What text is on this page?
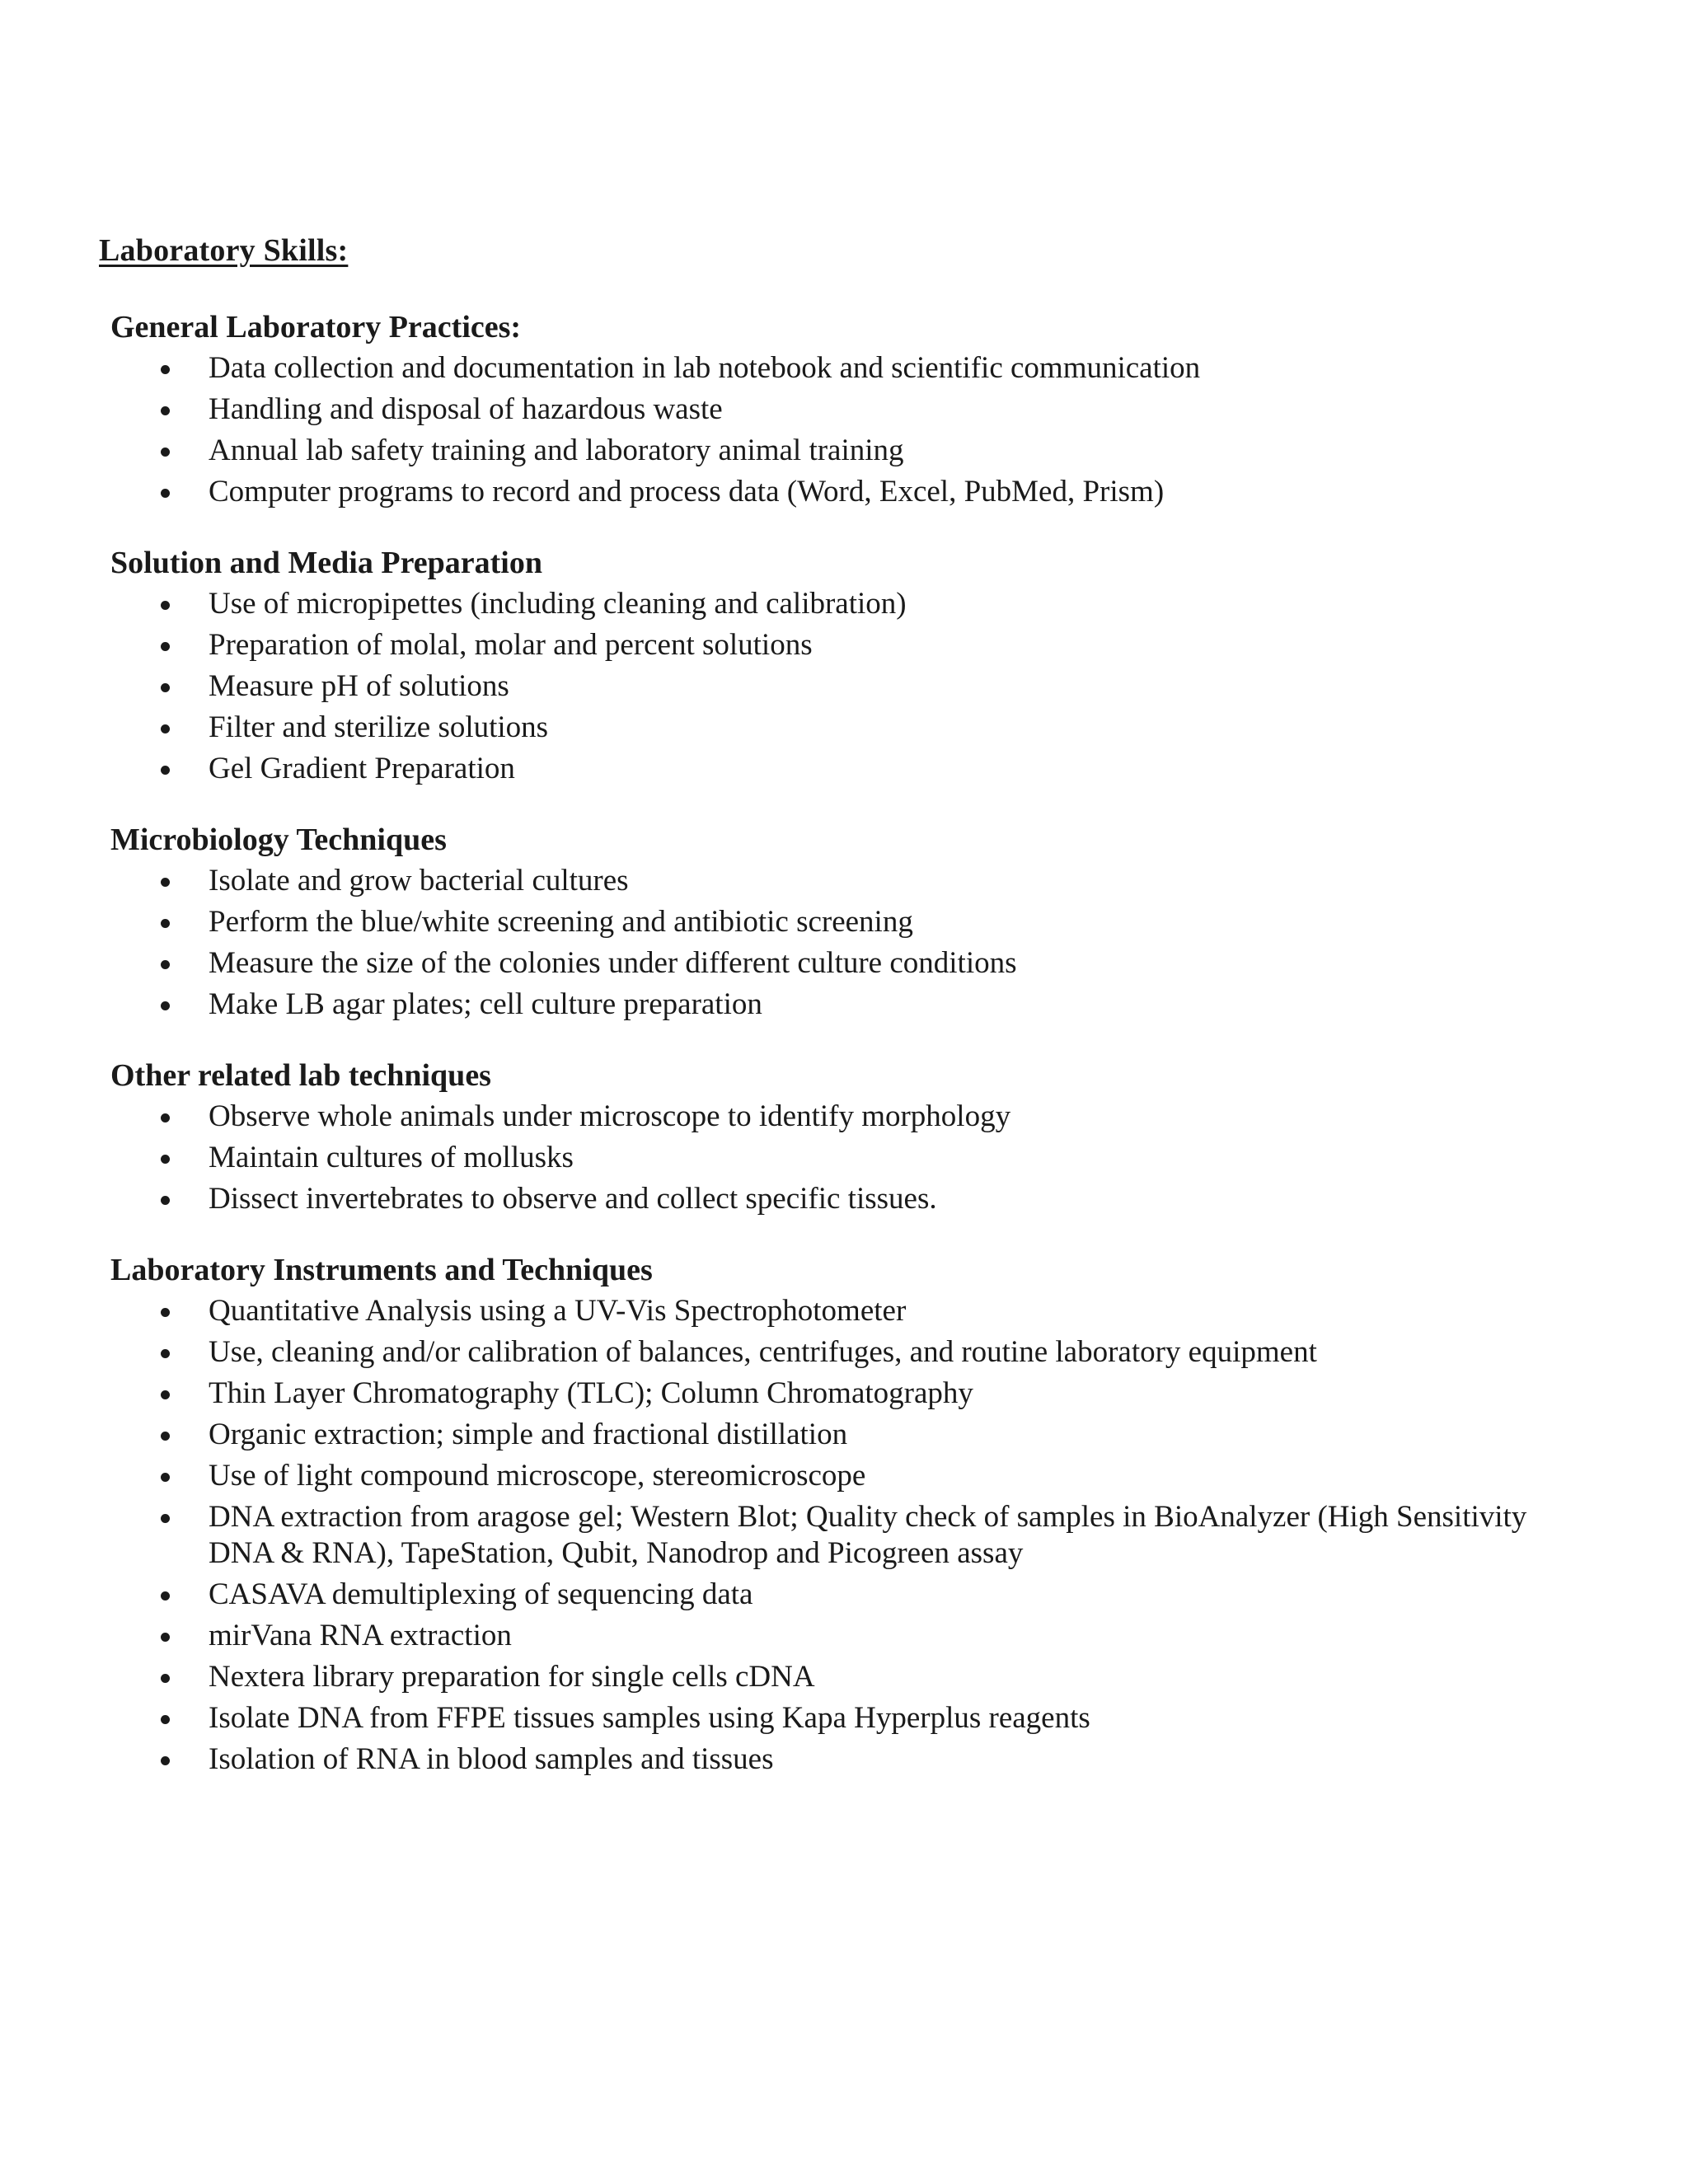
Laboratory Skills:
General Laboratory Practices:
Data collection and documentation in lab notebook and scientific communication
Handling and disposal of hazardous waste
Annual lab safety training and laboratory animal training
Computer programs to record and process data (Word, Excel, PubMed, Prism)
Solution and Media Preparation
Use of micropipettes (including cleaning and calibration)
Preparation of molal, molar and percent solutions
Measure pH of solutions
Filter and sterilize solutions
Gel Gradient Preparation
Microbiology Techniques
Isolate and grow bacterial cultures
Perform the blue/white screening and antibiotic screening
Measure the size of the colonies under different culture conditions
Make LB agar plates; cell culture preparation
Other related lab techniques
Observe whole animals under microscope to identify morphology
Maintain cultures of mollusks
Dissect invertebrates to observe and collect specific tissues.
Laboratory Instruments and Techniques
Quantitative Analysis using a UV-Vis Spectrophotometer
Use, cleaning and/or calibration of balances, centrifuges, and routine laboratory equipment
Thin Layer Chromatography (TLC); Column Chromatography
Organic extraction; simple and fractional distillation
Use of light compound microscope, stereomicroscope
DNA extraction from aragose gel; Western Blot; Quality check of samples in BioAnalyzer (High Sensitivity DNA & RNA), TapeStation, Qubit, Nanodrop and Picogreen assay
CASAVA demultiplexing of sequencing data
mirVana RNA extraction
Nextera library preparation for single cells cDNA
Isolate DNA from FFPE tissues samples using Kapa Hyperplus reagents
Isolation of RNA in blood samples and tissues
